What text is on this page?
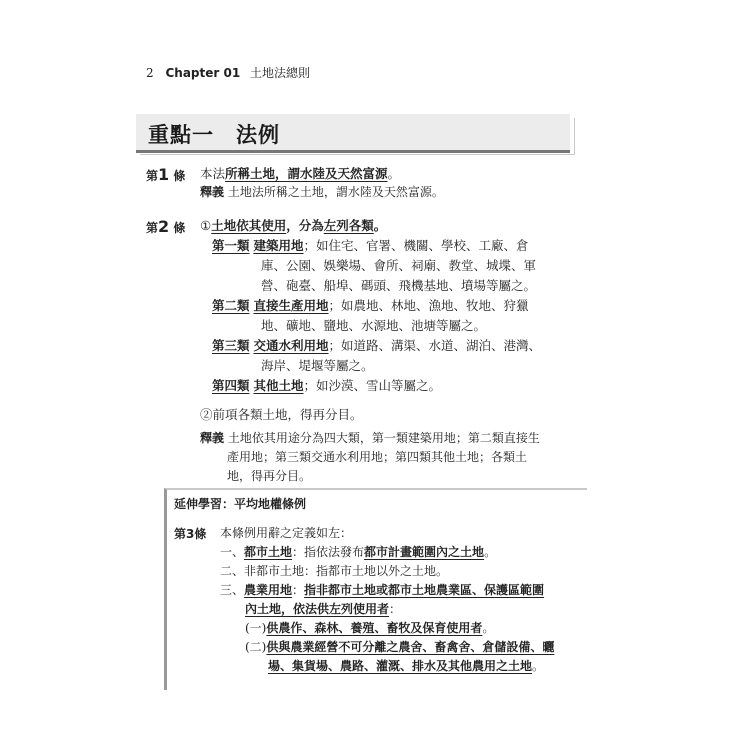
2 Chapter 01 土地法總則
重點一　法例
第1 條 本法所稱土地，謂水陸及天然富源。
釋義 土地法所稱之土地，謂水陸及天然富源。
第2 條 ①土地依其使用，分為左列各類。
第一類 建築用地；如住宅、官署、機關、學校、工廠、倉
庫、公園、娛樂場、會所、祠廟、教堂、城堞、軍
營、砲臺、船埠、碼頭、飛機基地、墳場等屬之。
第二類 直接生產用地；如農地、林地、漁地、牧地、狩獵
地、礦地、鹽地、水源地、池塘等屬之。
第三類 交通水利用地；如道路、溝渠、水道、湖泊、港灣、
海岸、堤堰等屬之。
第四類 其他土地；如沙漠、雪山等屬之。
②前項各類土地，得再分目。
釋義 土地依其用途分為四大類，第一類建築用地；第二類直接生
產用地；第三類交通水利用地；第四類其他土地；各類土
地，得再分目。
延伸學習：平均地權條例
第3條 本條例用辭之定義如左：
一、都市土地：指依法發布都市計畫範圍內之土地。
二、非都市土地：指都市土地以外之土地。
三、農業用地：指非都市土地或都市土地農業區、保護區範圍
內土地，依法供左列使用者：
(一)供農作、森林、養殖、畜牧及保育使用者。
(二)供與農業經營不可分離之農舍、畜禽舍、倉儲設備、曬
場、集貨場、農路、灌溉、排水及其他農用之土地。
